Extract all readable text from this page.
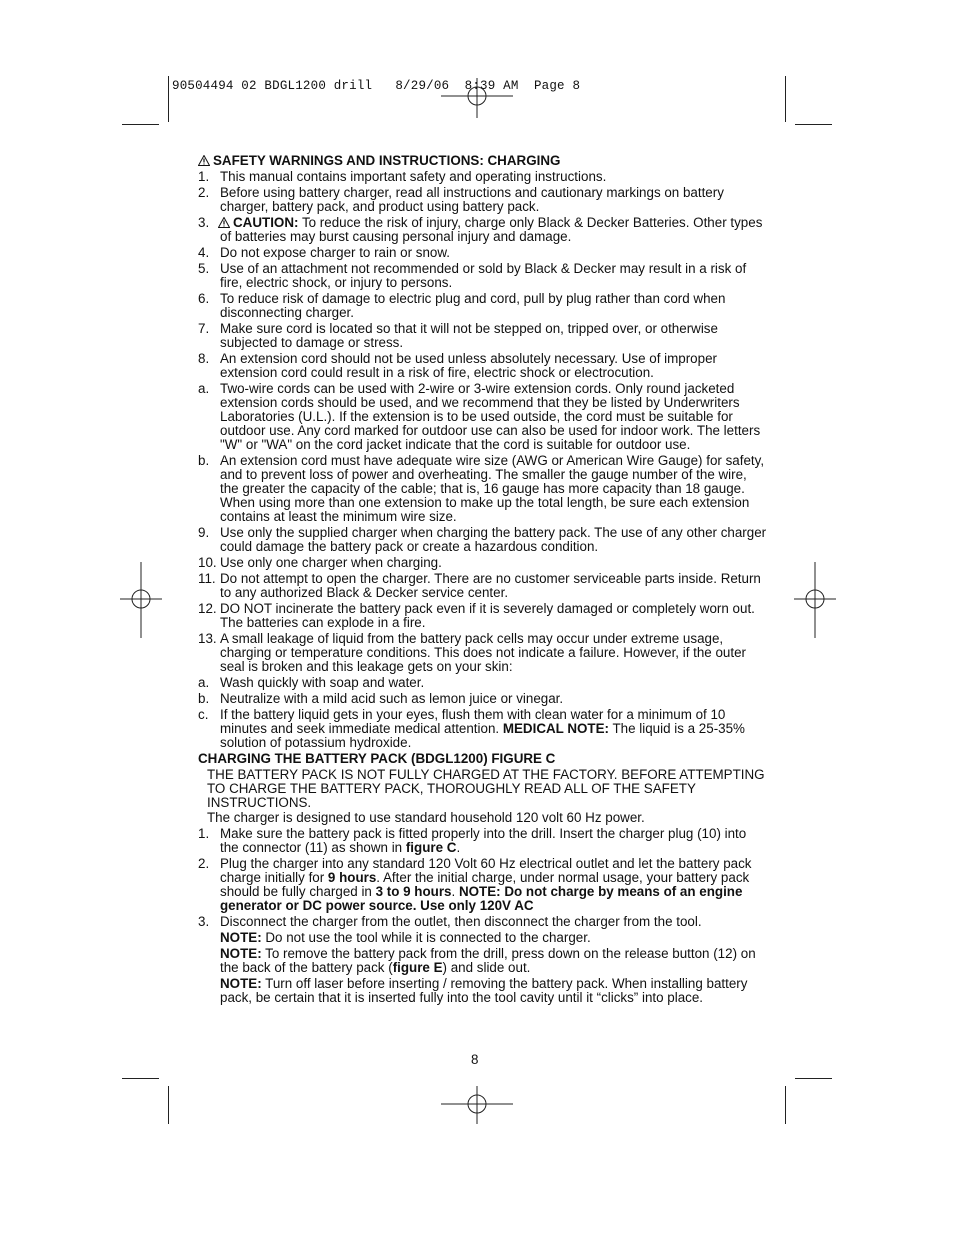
90504494 02 BDGL1200 drill   8/29/06  8:39 AM  Page 8
SAFETY WARNINGS AND INSTRUCTIONS: CHARGING
1. This manual contains important safety and operating instructions.
2. Before using battery charger, read all instructions and cautionary markings on battery charger, battery pack, and product using battery pack.
3. CAUTION: To reduce the risk of injury, charge only Black & Decker Batteries. Other types of batteries may burst causing personal injury and damage.
4. Do not expose charger to rain or snow.
5. Use of an attachment not recommended or sold by Black & Decker may result in a risk of fire, electric shock, or injury to persons.
6. To reduce risk of damage to electric plug and cord, pull by plug rather than cord when disconnecting charger.
7. Make sure cord is located so that it will not be stepped on, tripped over, or otherwise subjected to damage or stress.
8. An extension cord should not be used unless absolutely necessary. Use of improper extension cord could result in a risk of fire, electric shock or electrocution.
a. Two-wire cords can be used with 2-wire or 3-wire extension cords. Only round jacketed extension cords should be used, and we recommend that they be listed by Underwriters Laboratories (U.L.). If the extension is to be used outside, the cord must be suitable for outdoor use. Any cord marked for outdoor use can also be used for indoor work. The letters "W" or "WA" on the cord jacket indicate that the cord is suitable for outdoor use.
b. An extension cord must have adequate wire size (AWG or American Wire Gauge) for safety, and to prevent loss of power and overheating. The smaller the gauge number of the wire, the greater the capacity of the cable; that is, 16 gauge has more capacity than 18 gauge. When using more than one extension to make up the total length, be sure each extension contains at least the minimum wire size.
9. Use only the supplied charger when charging the battery pack. The use of any other charger could damage the battery pack or create a hazardous condition.
10. Use only one charger when charging.
11. Do not attempt to open the charger. There are no customer serviceable parts inside. Return to any authorized Black & Decker service center.
12. DO NOT incinerate the battery pack even if it is severely damaged or completely worn out. The batteries can explode in a fire.
13. A small leakage of liquid from the battery pack cells may occur under extreme usage, charging or temperature conditions. This does not indicate a failure. However, if the outer seal is broken and this leakage gets on your skin:
a. Wash quickly with soap and water.
b. Neutralize with a mild acid such as lemon juice or vinegar.
c. If the battery liquid gets in your eyes, flush them with clean water for a minimum of 10 minutes and seek immediate medical attention. MEDICAL NOTE: The liquid is a 25-35% solution of potassium hydroxide.
CHARGING THE BATTERY PACK (BDGL1200) FIGURE C
THE BATTERY PACK IS NOT FULLY CHARGED AT THE FACTORY. BEFORE ATTEMPTING TO CHARGE THE BATTERY PACK, THOROUGHLY READ ALL OF THE SAFETY INSTRUCTIONS.
The charger is designed to use standard household 120 volt 60 Hz power.
1. Make sure the battery pack is fitted properly into the drill. Insert the charger plug (10) into the connector (11) as shown in figure C.
2. Plug the charger into any standard 120 Volt 60 Hz electrical outlet and let the battery pack charge initially for 9 hours. After the initial charge, under normal usage, your battery pack should be fully charged in 3 to 9 hours. NOTE: Do not charge by means of an engine generator or DC power source. Use only 120V AC
3. Disconnect the charger from the outlet, then disconnect the charger from the tool.
NOTE: Do not use the tool while it is connected to the charger.
NOTE: To remove the battery pack from the drill, press down on the release button (12) on the back of the battery pack (figure E) and slide out.
NOTE: Turn off laser before inserting / removing the battery pack. When installing battery pack, be certain that it is inserted fully into the tool cavity until it “clicks” into place.
8
